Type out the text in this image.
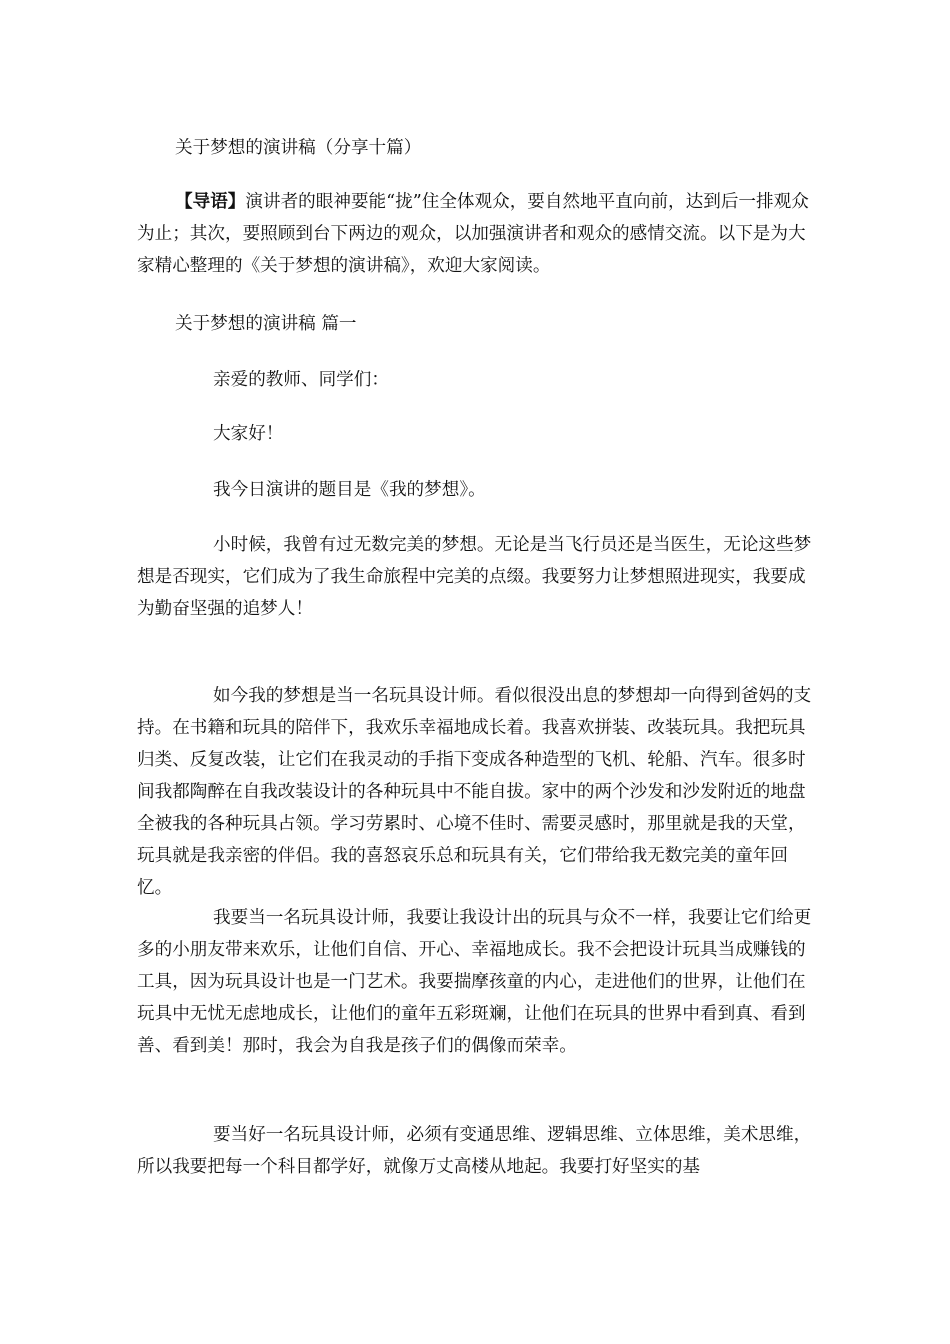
关于梦想的演讲稿（分享十篇）

【导语】演讲者的眼神要能“拢”住全体观众，要自然地平直向前，达到后一排观众为止；其次，要照顾到台下两边的观众，以加强演讲者和观众的感情交流。以下是为大家精心整理的《关于梦想的演讲稿》，欢迎大家阅读。

关于梦想的演讲稿 篇一

亲爱的教师、同学们：

大家好！

我今日演讲的题目是《我的梦想》。

小时候，我曾有过无数完美的梦想。无论是当飞行员还是当医生，无论这些梦想是否现实，它们成为了我生命旅程中完美的点缀。我要努力让梦想照进现实，我要成为勤奋坚强的追梦人！

如今我的梦想是当一名玩具设计师。看似很没出息的梦想却一向得到爸妈的支持。在书籍和玩具的陪伴下，我欢乐幸福地成长着。我喜欢拼装、改装玩具。我把玩具归类、反复改装，让它们在我灵动的手指下变成各种造型的飞机、轮船、汽车。很多时间我都陶醉在自我改装设计的各种玩具中不能自拔。家中的两个沙发和沙发附近的地盘全被我的各种玩具占领。学习劳累时、心境不佳时、需要灵感时，那里就是我的天堂，玩具就是我亲密的伴侣。我的喜怒哀乐总和玩具有关，它们带给我无数完美的童年回忆。

我要当一名玩具设计师，我要让我设计出的玩具与众不一样，我要让它们给更多的小朋友带来欢乐，让他们自信、开心、幸福地成长。我不会把设计玩具当成赚钱的工具，因为玩具设计也是一门艺术。我要揣摩孩童的内心，走进他们的世界，让他们在玩具中无忧无虑地成长，让他们的童年五彩斑斓，让他们在玩具的世界中看到真、看到善、看到美！那时，我会为自我是孩子们的偶像而荣幸。

要当好一名玩具设计师，必须有变通思维、逻辑思维、立体思维，美术思维，所以我要把每一个科目都学好，就像万丈高楼从地起。我要打好坚实的基
